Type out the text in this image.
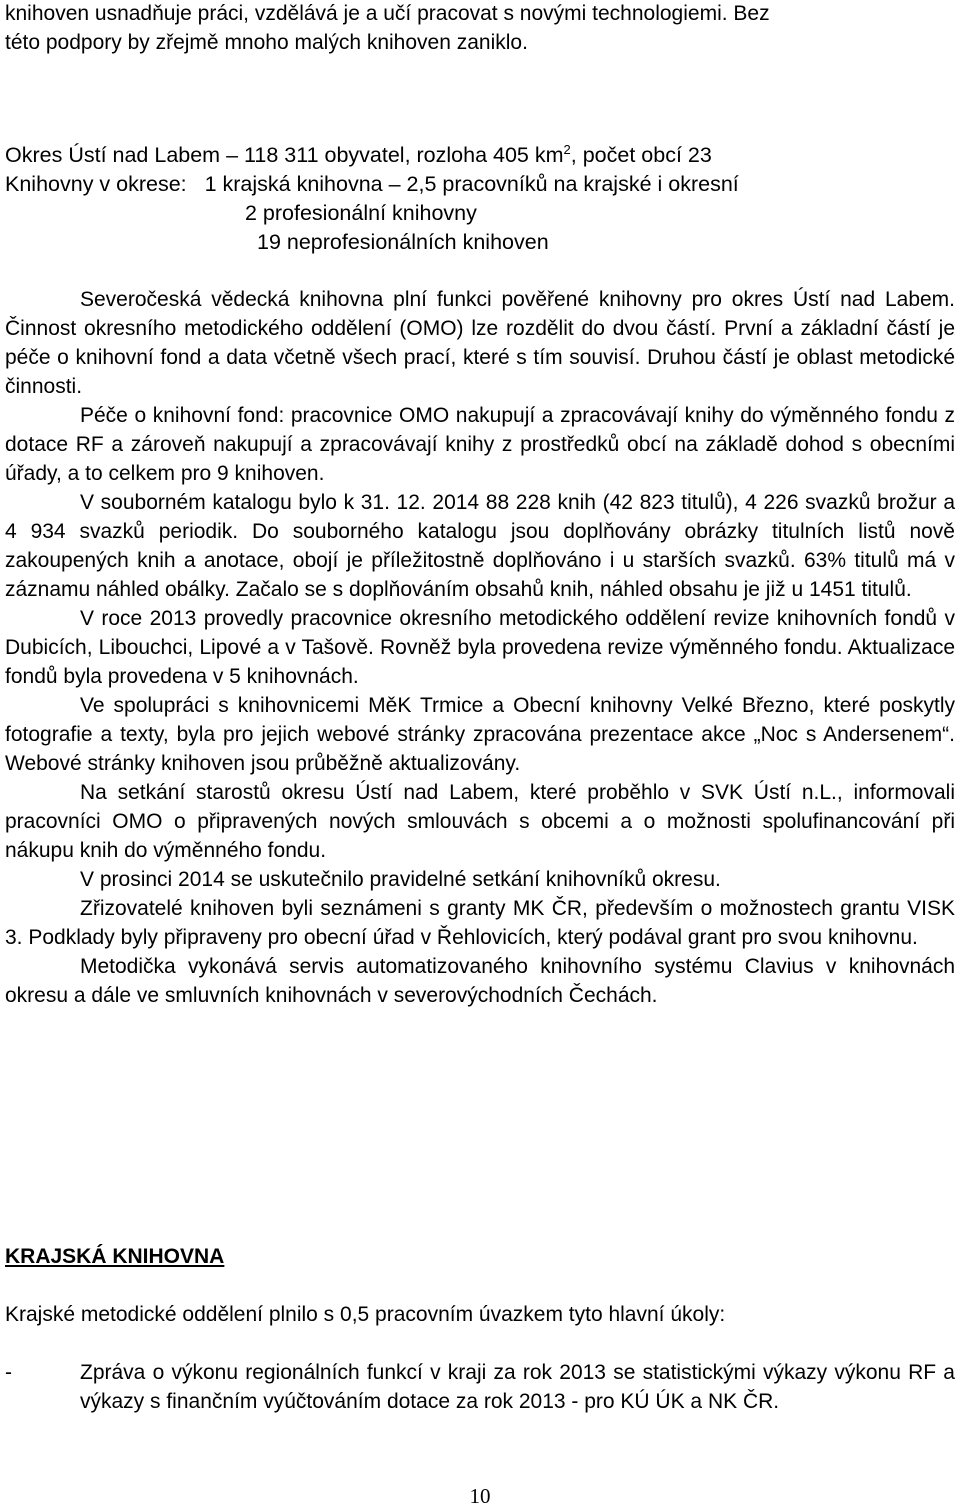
knihoven usnadňuje práci, vzdělává je a učí pracovat s novými technologiemi. Bez

této podpory by zřejmě mnoho malých knihoven zaniklo.

Okres Ústí nad Labem – 118 311 obyvatel, rozloha 405 $km^2$, počet obcí 23
Knihovny v okrese:   1 krajská knihovna – 2,5 pracovníků na krajské i okresní
2 profesionální knihovny
19 neprofesionálních knihoven

Severočeská vědecká knihovna plní funkci pověřené knihovny pro okres Ústí nad Labem. Činnost okresního metodického oddělení (OMO) lze rozdělit do dvou částí. První a základní částí je péče o knihovní fond a data včetně všech prací, které s tím souvisí. Druhou částí je oblast metodické činnosti.

Péče o knihovní fond: pracovnice OMO nakupují a zpracovávají knihy do výměnného fondu z dotace RF a zároveň nakupují a zpracovávají knihy z prostředků obcí na základě dohod s obecními úřady, a to celkem pro 9 knihoven.

V souborném katalogu bylo k 31. 12. 2014 88 228 knih (42 823 titulů), 4 226 svazků brožur a 4 934 svazků periodik. Do souborného katalogu jsou doplňovány obrázky titulních listů nově zakoupených knih a anotace, obojí je příležitostně doplňováno i u starších svazků. 63% titulů má v záznamu náhled obálky. Začalo se s doplňováním obsahů knih, náhled obsahu je již u 1451 titulů.

V roce 2013 provedly pracovnice okresního metodického oddělení revize knihovních fondů v Dubicích, Libouchci, Lipové a v Tašově. Rovněž byla provedena revize výměnného fondu. Aktualizace fondů byla provedena v 5 knihovnách.

Ve spolupráci s knihovnicemi MěK Trmice a Obecní knihovny Velké Březno, které poskytly fotografie a texty, byla pro jejich webové stránky zpracována prezentace akce „Noc s Andersenem“. Webové stránky knihoven jsou průběžně aktualizovány.

Na setkání starostů okresu Ústí nad Labem, které proběhlo v SVK Ústí n.L., informovali pracovníci OMO o připravených nových smlouvách s obcemi a o možnosti spolufinancování při nákupu knih do výměnného fondu.

V prosinci 2014 se uskutečnilo pravidelné setkání knihovníků okresu.

Zřizovatelé knihoven byli seznámeni s granty MK ČR, především o možnostech grantu VISK 3. Podklady byly připraveny pro obecní úřad v Řehlovicích, který podával grant pro svou knihovnu.

Metodička vykonává servis automatizovaného knihovního systému Clavius v knihovnách okresu a dále ve smluvních knihovnách v severovýchodních Čechách.

KRAJSKÁ KNIHOVNA

Krajské metodické oddělení plnilo s 0,5 pracovním úvazkem tyto hlavní úkoly:

-	Zpráva o výkonu regionálních funkcí v kraji za rok 2013 se statistickými výkazy výkonu RF a výkazy s finančním vyúčtováním dotace za rok 2013 - pro KÚ ÚK a NK ČR.
10
